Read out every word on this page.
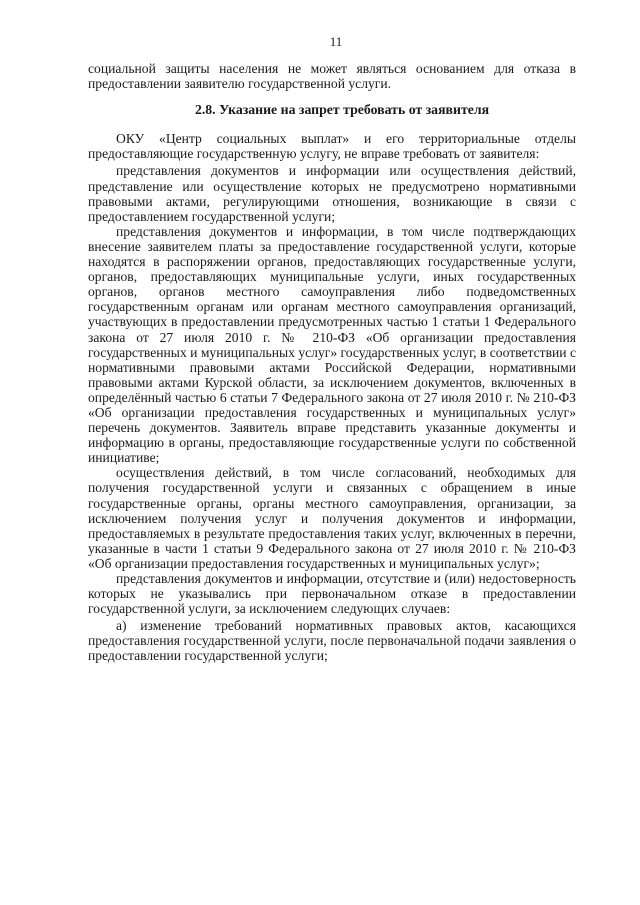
11

социальной защиты населения не может являться основанием для отказа в предоставлении заявителю государственной услуги.

2.8. Указание на запрет требовать от заявителя

ОКУ «Центр социальных выплат» и его территориальные отделы предоставляющие государственную услугу, не вправе требовать от заявителя:

представления документов и информации или осуществления действий, представление или осуществление которых не предусмотрено нормативными правовыми актами, регулирующими отношения, возникающие в связи с предоставлением государственной услуги;

представления документов и информации, в том числе подтверждающих внесение заявителем платы за предоставление государственной услуги, которые находятся в распоряжении органов, предоставляющих государственные услуги, органов, предоставляющих муниципальные услуги, иных государственных органов, органов местного самоуправления либо подведомственных государственным органам или органам местного самоуправления организаций, участвующих в предоставлении предусмотренных частью 1 статьи 1 Федерального закона от 27 июля 2010 г. № 210-ФЗ «Об организации предоставления государственных и муниципальных услуг» государственных услуг, в соответствии с нормативными правовыми актами Российской Федерации, нормативными правовыми актами Курской области, за исключением документов, включенных в определённый частью 6 статьи 7 Федерального закона от 27 июля 2010 г. № 210-ФЗ «Об организации предоставления государственных и муниципальных услуг» перечень документов. Заявитель вправе представить указанные документы и информацию в органы, предоставляющие государственные услуги по собственной инициативе;

осуществления действий, в том числе согласований, необходимых для получения государственной услуги и связанных с обращением в иные государственные органы, органы местного самоуправления, организации, за исключением получения услуг и получения документов и информации, предоставляемых в результате предоставления таких услуг, включенных в перечни, указанные в части 1 статьи 9 Федерального закона от 27 июля 2010 г. № 210-ФЗ «Об организации предоставления государственных и муниципальных услуг»;

представления документов и информации, отсутствие и (или) недостоверность которых не указывались при первоначальном отказе в предоставлении государственной услуги, за исключением следующих случаев:

а) изменение требований нормативных правовых актов, касающихся предоставления государственной услуги, после первоначальной подачи заявления о предоставлении государственной услуги;
